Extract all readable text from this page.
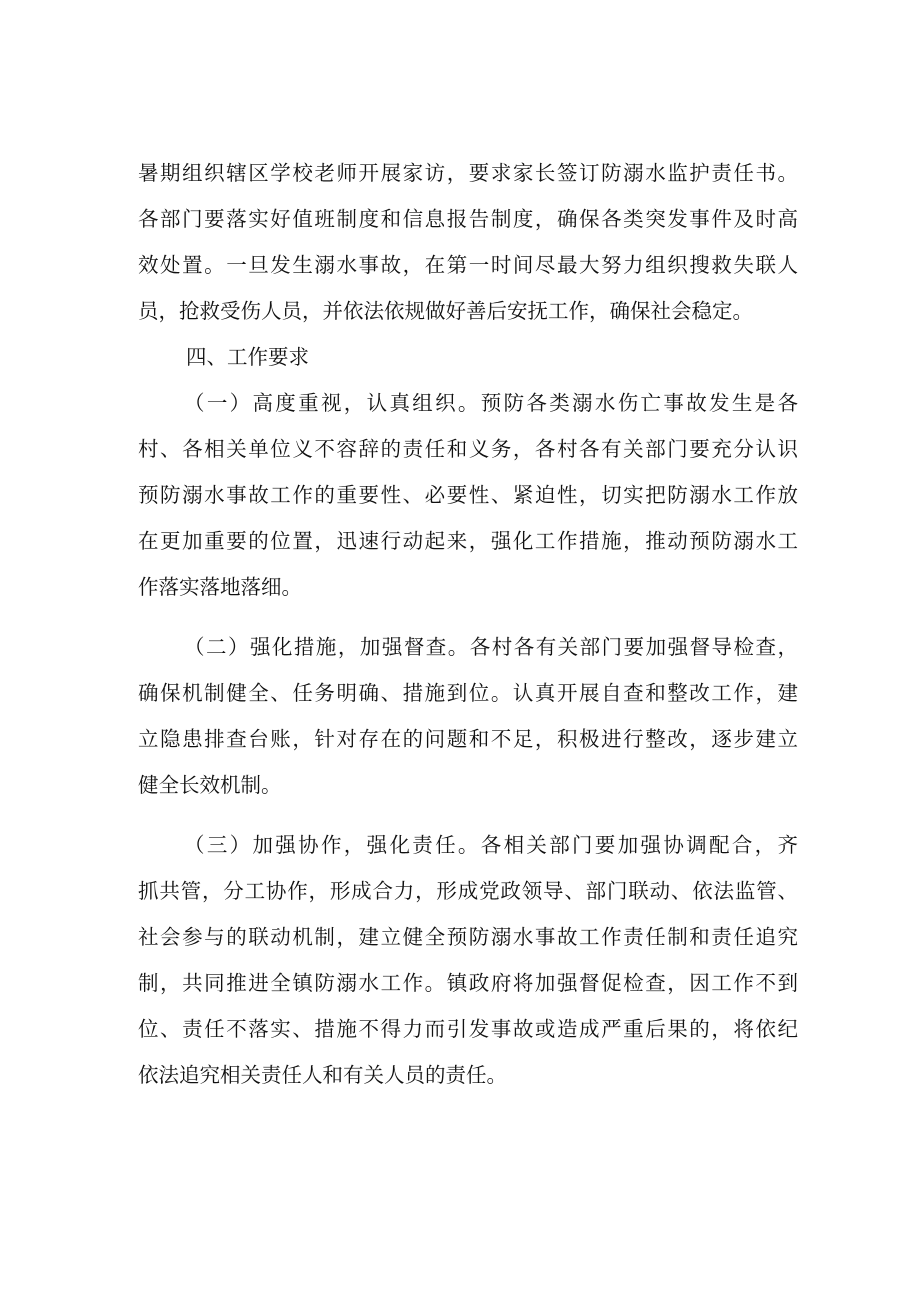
暑期组织辖区学校老师开展家访，要求家长签订防溺水监护责任书。
各部门要落实好值班制度和信息报告制度，确保各类突发事件及时高
效处置。一旦发生溺水事故，在第一时间尽最大努力组织搜救失联人
员，抢救受伤人员，并依法依规做好善后安抚工作，确保社会稳定。
四、工作要求
（一）高度重视，认真组织。预防各类溺水伤亡事故发生是各
村、各相关单位义不容辞的责任和义务，各村各有关部门要充分认识
预防溺水事故工作的重要性、必要性、紧迫性，切实把防溺水工作放
在更加重要的位置，迅速行动起来，强化工作措施，推动预防溺水工
作落实落地落细。
（二）强化措施，加强督查。各村各有关部门要加强督导检查，
确保机制健全、任务明确、措施到位。认真开展自查和整改工作，建
立隐患排查台账，针对存在的问题和不足，积极进行整改，逐步建立
健全长效机制。
（三）加强协作，强化责任。各相关部门要加强协调配合，齐
抓共管，分工协作，形成合力，形成党政领导、部门联动、依法监管、
社会参与的联动机制，建立健全预防溺水事故工作责任制和责任追究
制，共同推进全镇防溺水工作。镇政府将加强督促检查，因工作不到
位、责任不落实、措施不得力而引发事故或造成严重后果的，将依纪
依法追究相关责任人和有关人员的责任。
